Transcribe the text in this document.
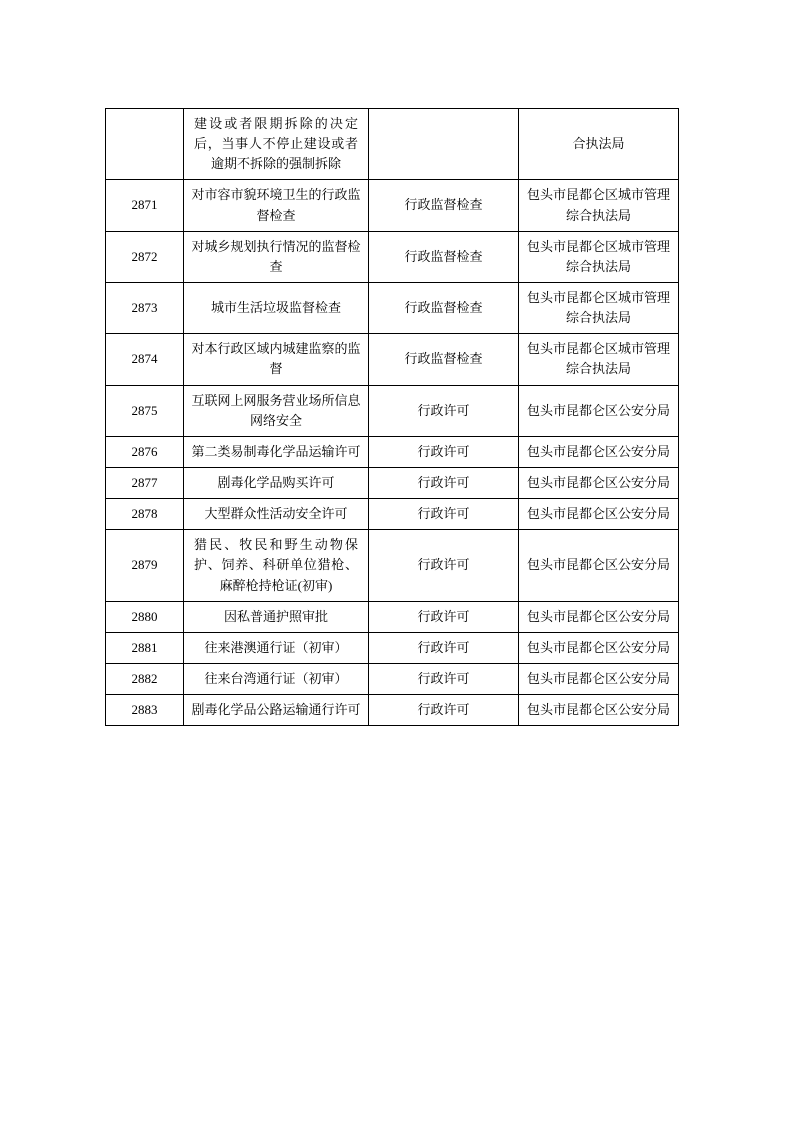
	建设或者限期拆除的决定后，当事人不停止建设或者逾期不拆除的强制拆除		合执法局
2871	对市容市貌环境卫生的行政监督检查	行政监督检查	包头市昆都仑区城市管理综合执法局
2872	对城乡规划执行情况的监督检查	行政监督检查	包头市昆都仑区城市管理综合执法局
2873	城市生活垃圾监督检查	行政监督检查	包头市昆都仑区城市管理综合执法局
2874	对本行政区域内城建监察的监督	行政监督检查	包头市昆都仑区城市管理综合执法局
2875	互联网上网服务营业场所信息网络安全	行政许可	包头市昆都仑区公安分局
2876	第二类易制毒化学品运输许可	行政许可	包头市昆都仑区公安分局
2877	剧毒化学品购买许可	行政许可	包头市昆都仑区公安分局
2878	大型群众性活动安全许可	行政许可	包头市昆都仑区公安分局
2879	猎民、牧民和野生动物保护、饲养、科研单位猎枪、麻醉枪持枪证(初审)	行政许可	包头市昆都仑区公安分局
2880	因私普通护照审批	行政许可	包头市昆都仑区公安分局
2881	往来港澳通行证（初审）	行政许可	包头市昆都仑区公安分局
2882	往来台湾通行证（初审）	行政许可	包头市昆都仑区公安分局
2883	剧毒化学品公路运输通行许可	行政许可	包头市昆都仑区公安分局
